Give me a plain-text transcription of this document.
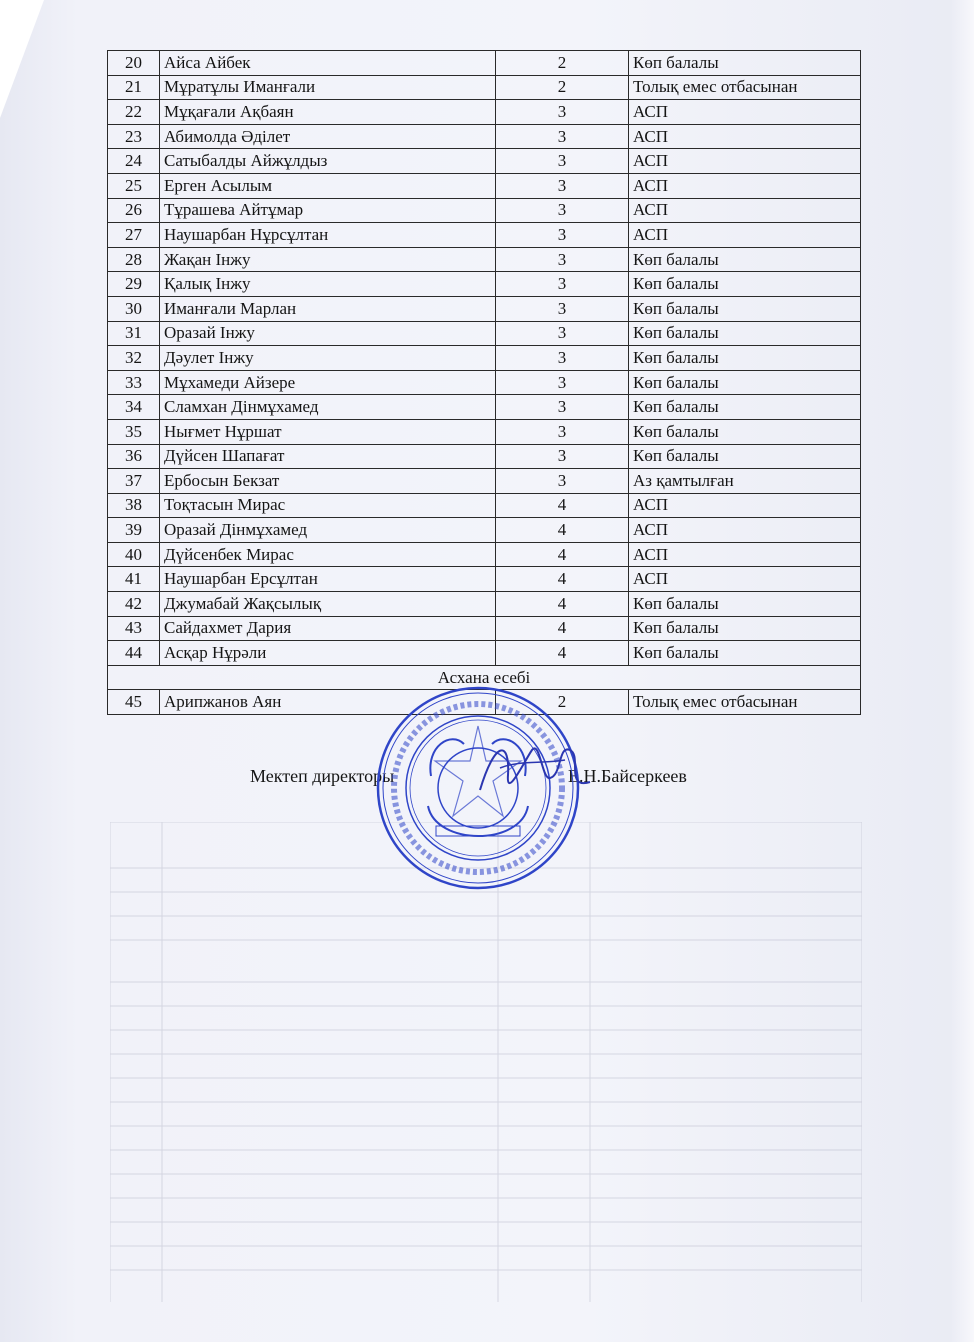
20	Айса Айбек	2	Көп балалы
21	Мұратұлы Иманғали	2	Толық емес отбасынан
22	Мұқағали Ақбаян	3	АСП
23	Абимолда Әділет	3	АСП
24	Сатыбалды Айжұлдыз	3	АСП
25	Ерген Асылым	3	АСП
26	Тұрашева Айтұмар	3	АСП
27	Наушарбан Нұрсұлтан	3	АСП
28	Жақан Інжу	3	Көп балалы
29	Қалық Інжу	3	Көп балалы
30	Иманғали Марлан	3	Көп балалы
31	Оразай Інжу	3	Көп балалы
32	Дәулет Інжу	3	Көп балалы
33	Мұхамеди Айзере	3	Көп балалы
34	Сламхан Дінмұхамед	3	Көп балалы
35	Нығмет Нұршат	3	Көп балалы
36	Дүйсен Шапағат	3	Көп балалы
37	Ербосын Бекзат	3	Аз қамтылған
38	Тоқтасын Мирас	4	АСП
39	Оразай Дінмұхамед	4	АСП
40	Дүйсенбек Мирас	4	АСП
41	Наушарбан Ерсұлтан	4	АСП
42	Джумабай Жақсылық	4	Көп балалы
43	Сайдахмет Дария	4	Көп балалы
44	Асқар Нұрәли	4	Көп балалы
Асхана есебі			
45	Арипжанов Аян	2	Толық емес отбасынан
Мектеп директоры	Е.Н.Байсеркеев
